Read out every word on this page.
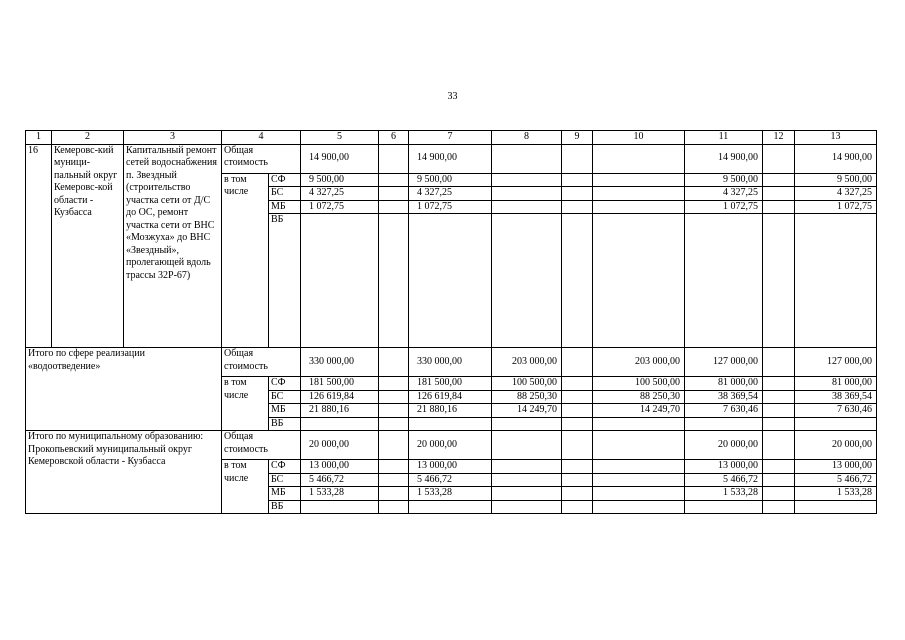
33
1	2	3	4		5	6	7	8	9	10	11	12	13
16	Кемеровс-кий муници-пальный округ Кемеровс-кой области - Кузбасса	Капитальный ремонт сетей водоснабжения п. Звездный (строительство участка сети от Д/С до ОС, ремонт участка сети от ВНС «Мозжуха» до ВНС «Звездный», пролегающей вдоль трассы 32Р-67)	Общая стоимость		14 900,00		14 900,00				14 900,00		14 900,00
			в том числе	СФ	9 500,00		9 500,00				9 500,00		9 500,00
				БС	4 327,25		4 327,25				4 327,25		4 327,25
				МБ	1 072,75		1 072,75				1 072,75		1 072,75
				ВБ									
Итого по сфере реализации «водоотведение»			Общая стоимость		330 000,00		330 000,00	203 000,00		203 000,00	127 000,00		127 000,00
			в том числе	СФ	181 500,00		181 500,00	100 500,00		100 500,00	81 000,00		81 000,00
				БС	126 619,84		126 619,84	88 250,30		88 250,30	38 369,54		38 369,54
				МБ	21 880,16		21 880,16	14 249,70		14 249,70	7 630,46		7 630,46
				ВБ									
Итого по муниципальному образованию: Прокопьевский муниципальный округ Кемеровской области - Кузбасса			Общая стоимость		20 000,00		20 000,00				20 000,00		20 000,00
			в том числе	СФ	13 000,00		13 000,00				13 000,00		13 000,00
				БС	5 466,72		5 466,72				5 466,72		5 466,72
				МБ	1 533,28		1 533,28				1 533,28		1 533,28
				ВБ									
